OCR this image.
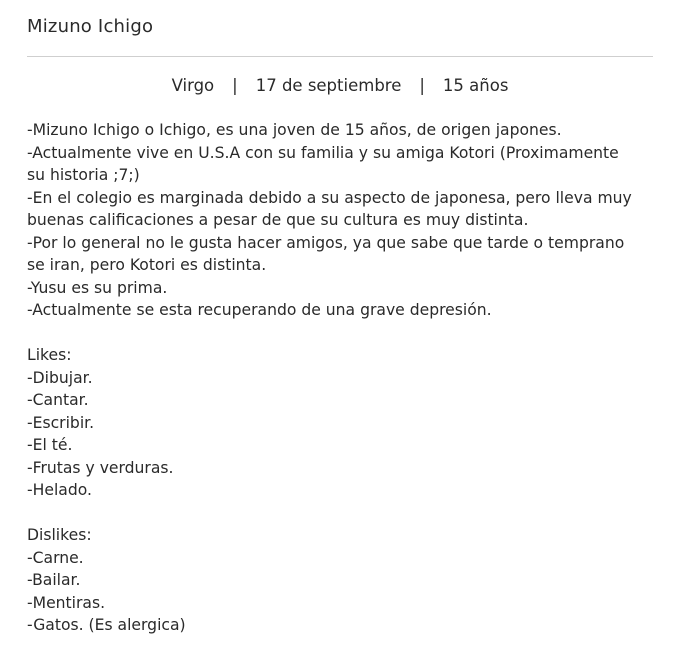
Mizuno Ichigo
Virgo | 17 de septiembre | 15 años

-Mizuno Ichigo o Ichigo, es una joven de 15 años, de origen japones.

-Actualmente vive en U.S.A con su familia y su amiga Kotori (Proximamente

su historia ;7;)

-En el colegio es marginada debido a su aspecto de japonesa, pero lleva muy

buenas calificaciones a pesar de que su cultura es muy distinta.

-Por lo general no le gusta hacer amigos, ya que sabe que tarde o temprano

se iran, pero Kotori es distinta.

-Yusu es su prima.

-Actualmente se esta recuperando de una grave depresión.

Likes:

-Dibujar.

-Cantar.

-Escribir.

-El té.

-Frutas y verduras.

-Helado.

Dislikes:

-Carne.

-Bailar.

-Mentiras.

-Gatos. (Es alergica)
